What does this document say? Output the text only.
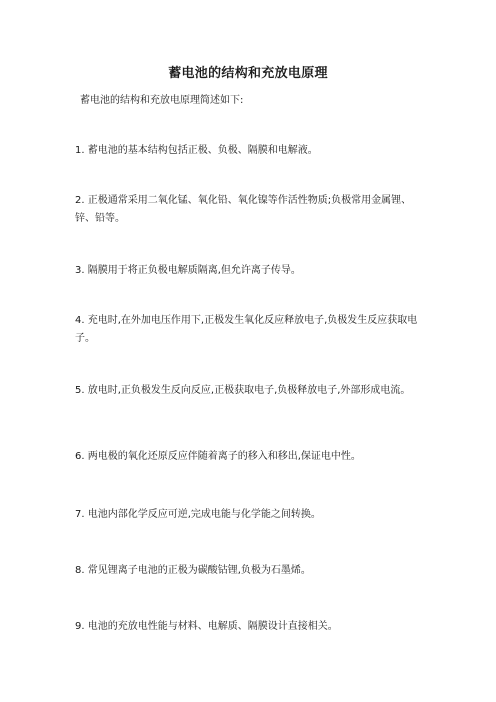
蓄电池的结构和充放电原理
蓄电池的结构和充放电原理简述如下:
1. 蓄电池的基本结构包括正极、负极、隔膜和电解液。
2. 正极通常采用二氧化锰、氧化铅、氧化镍等作活性物质;负极常用金属锂、锌、铅等。
3. 隔膜用于将正负极电解质隔离,但允许离子传导。
4. 充电时,在外加电压作用下,正极发生氧化反应释放电子,负极发生反应获取电子。
5. 放电时,正负极发生反向反应,正极获取电子,负极释放电子,外部形成电流。
6. 两电极的氧化还原反应伴随着离子的移入和移出,保证电中性。
7. 电池内部化学反应可逆,完成电能与化学能之间转换。
8. 常见锂离子电池的正极为碳酸钴锂,负极为石墨烯。
9. 电池的充放电性能与材料、电解质、隔膜设计直接相关。
